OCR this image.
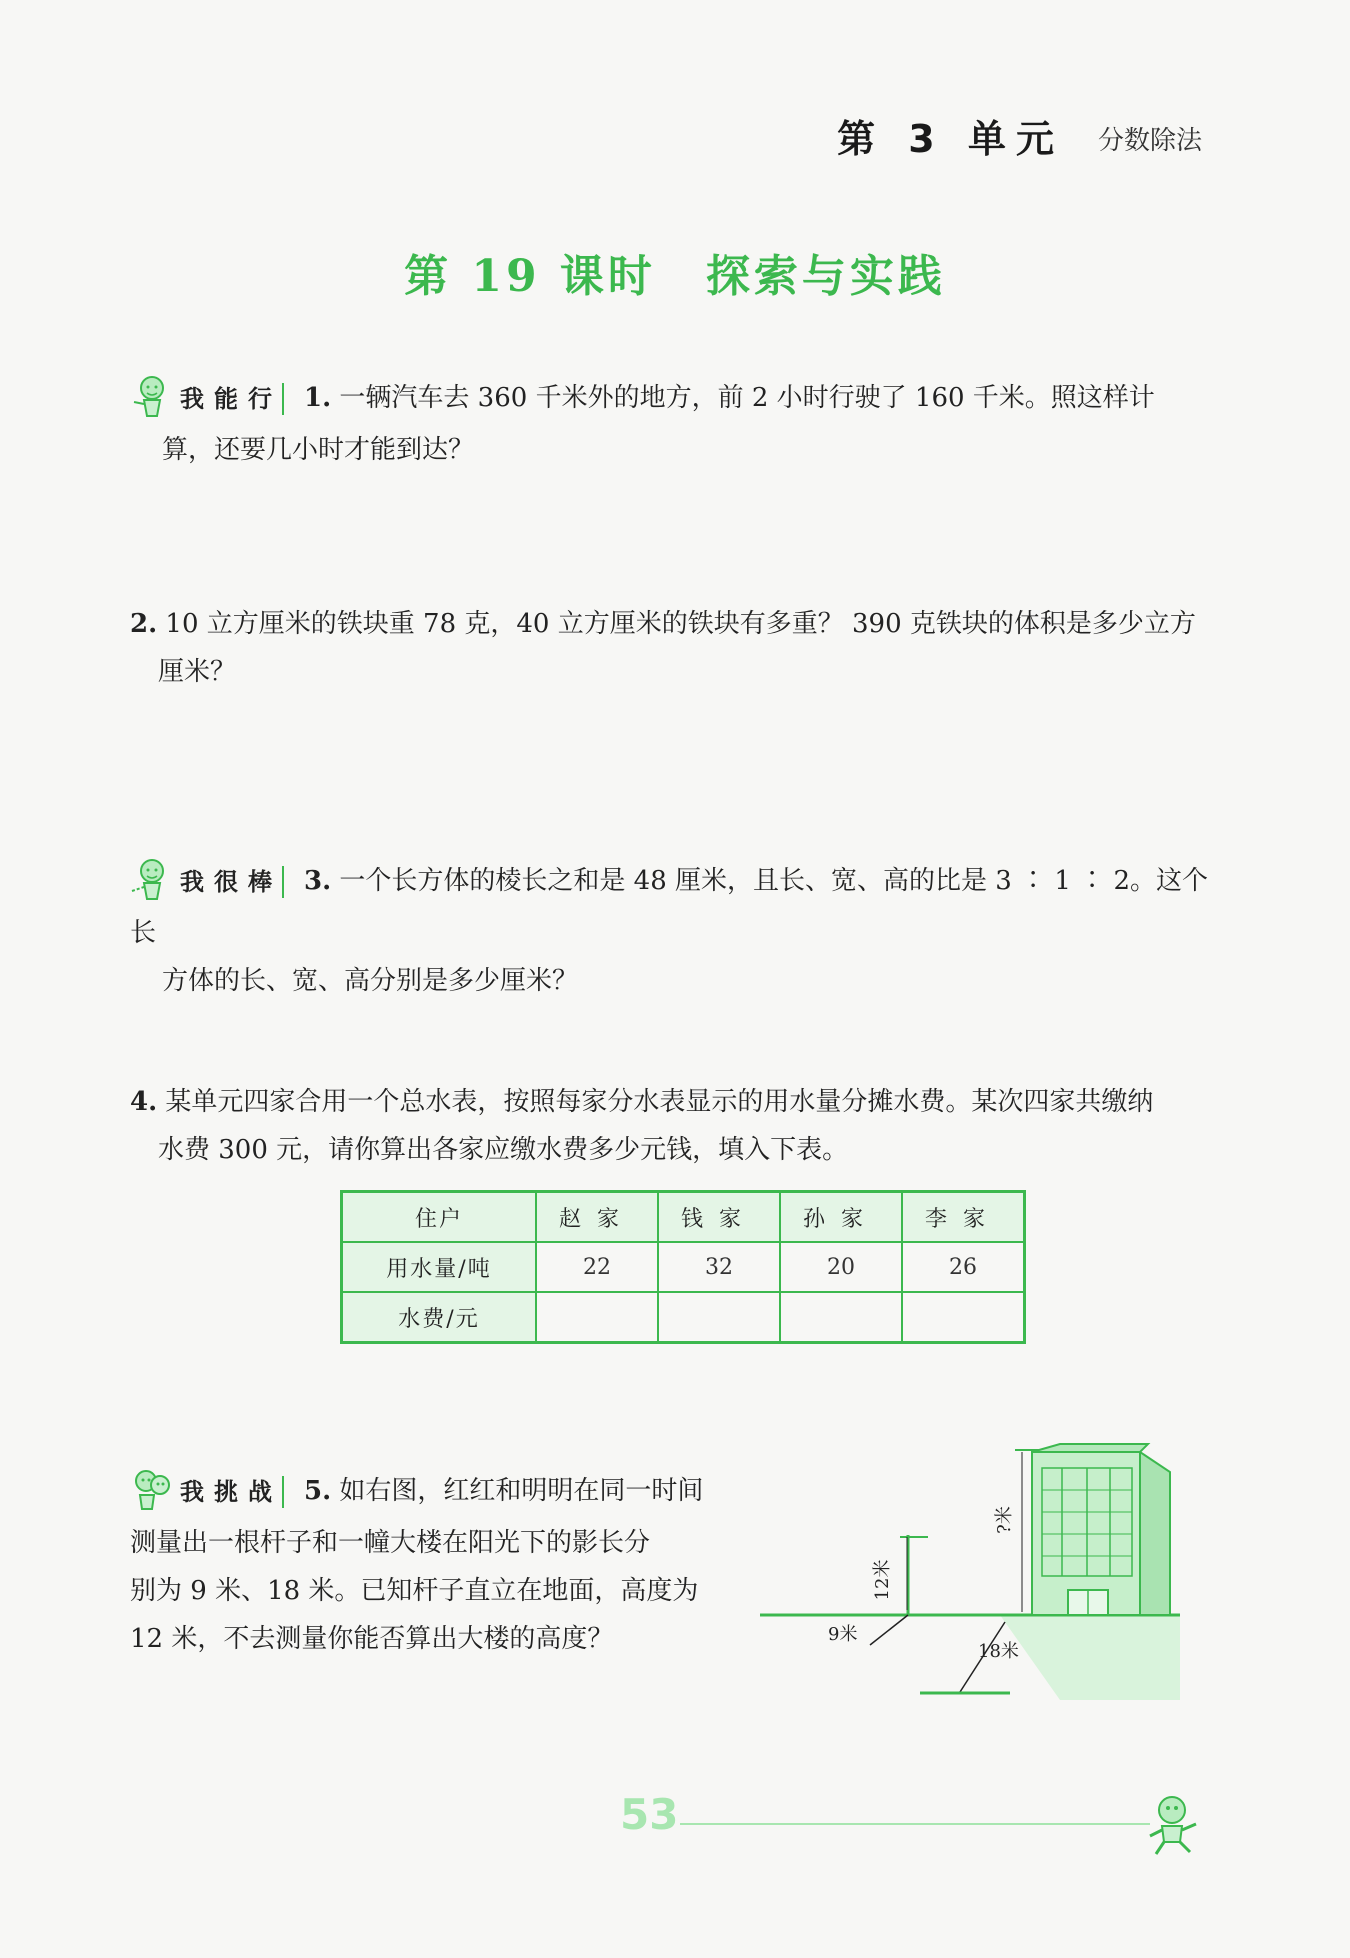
第 3 单元	分数除法
第 19 课时 探索与实践
我能行 1. 一辆汽车去 360 千米外的地方，前 2 小时行驶了 160 千米。照这样计
算，还要几小时才能到达？
2. 10 立方厘米的铁块重 78 克，40 立方厘米的铁块有多重？ 390 克铁块的体积是多少立方
厘米？
我很棒 3. 一个长方体的棱长之和是 48 厘米，且长、宽、高的比是 3 ∶ 1 ∶ 2。这个长
方体的长、宽、高分别是多少厘米？
4. 某单元四家合用一个总水表，按照每家分水表显示的用水量分摊水费。某次四家共缴纳
水费 300 元，请你算出各家应缴水费多少元钱，填入下表。
住户	赵家	钱家	孙家	李家
用水量/吨	22	32	20	26
水费/元				
我挑战 5. 如右图，红红和明明在同一时间
测量出一根杆子和一幢大楼在阳光下的影长分
别为 9 米、18 米。已知杆子直立在地面，高度为
12 米，不去测量你能否算出大楼的高度？
12米
9米
18米
?米
53
